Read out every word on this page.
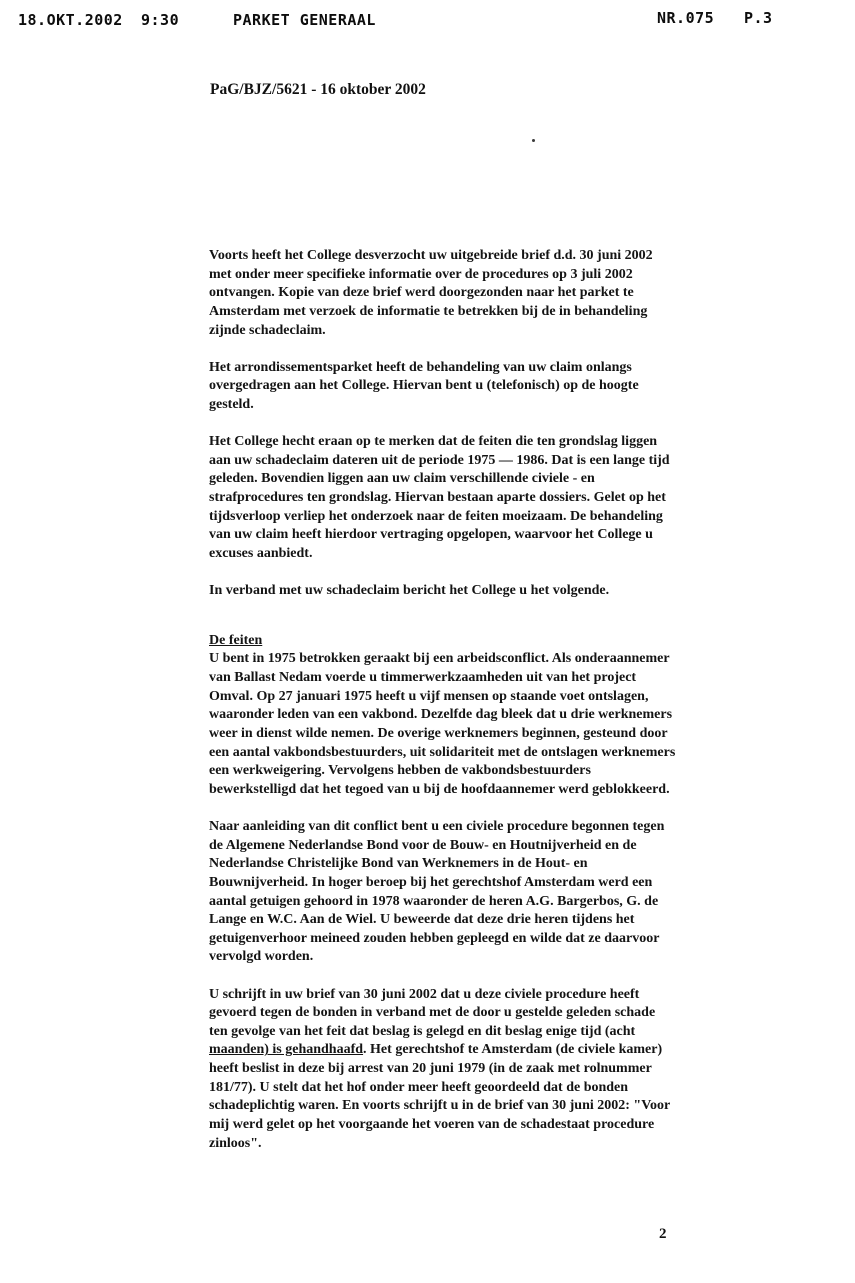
18.OKT.2002 9:30	PARKET GENERAAL	NR.075 P.3
PaG/BJZ/5621 - 16 oktober 2002
Voorts heeft het College desverzocht uw uitgebreide brief d.d. 30 juni 2002
met onder meer specifieke informatie over de procedures op 3 juli 2002
ontvangen. Kopie van deze brief werd doorgezonden naar het parket te
Amsterdam met verzoek de informatie te betrekken bij de in behandeling
zijnde schadeclaim.
Het arrondissementsparket heeft de behandeling van uw claim onlangs
overgedragen aan het College. Hiervan bent u (telefonisch) op de hoogte
gesteld.
Het College hecht eraan op te merken dat de feiten die ten grondslag liggen
aan uw schadeclaim dateren uit de periode 1975 — 1986. Dat is een lange tijd
geleden. Bovendien liggen aan uw claim verschillende civiele - en
strafprocedures ten grondslag. Hiervan bestaan aparte dossiers. Gelet op het
tijdsverloop verliep het onderzoek naar de feiten moeizaam. De behandeling
van uw claim heeft hierdoor vertraging opgelopen, waarvoor het College u
excuses aanbiedt.
In verband met uw schadeclaim bericht het College u het volgende.
De feiten
U bent in 1975 betrokken geraakt bij een arbeidsconflict. Als onderaannemer
van Ballast Nedam voerde u timmerwerkzaamheden uit van het project
Omval. Op 27 januari 1975 heeft u vijf mensen op staande voet ontslagen,
waaronder leden van een vakbond. Dezelfde dag bleek dat u drie werknemers
weer in dienst wilde nemen. De overige werknemers beginnen, gesteund door
een aantal vakbondsbestuurders, uit solidariteit met de ontslagen werknemers
een werkweigering. Vervolgens hebben de vakbondsbestuurders
bewerkstelligd dat het tegoed van u bij de hoofdaannemer werd geblokkeerd.
Naar aanleiding van dit conflict bent u een civiele procedure begonnen tegen
de Algemene Nederlandse Bond voor de Bouw- en Houtnijverheid en de
Nederlandse Christelijke Bond van Werknemers in de Hout- en
Bouwnijverheid. In hoger beroep bij het gerechtshof Amsterdam werd een
aantal getuigen gehoord in 1978 waaronder de heren A.G. Bargerbos, G. de
Lange en W.C. Aan de Wiel. U beweerde dat deze drie heren tijdens het
getuigenverhoor meineed zouden hebben gepleegd en wilde dat ze daarvoor
vervolgd worden.
U schrijft in uw brief van 30 juni 2002 dat u deze civiele procedure heeft
gevoerd tegen de bonden in verband met de door u gestelde geleden schade
ten gevolge van het feit dat beslag is gelegd en dit beslag enige tijd (acht
maanden) is gehandhaafd. Het gerechtshof te Amsterdam (de civiele kamer)
heeft beslist in deze bij arrest van 20 juni 1979 (in de zaak met rolnummer
181/77). U stelt dat het hof onder meer heeft geoordeeld dat de bonden
schadeplichtig waren. En voorts schrijft u in de brief van 30 juni 2002: "Voor
mij werd gelet op het voorgaande het voeren van de schadestaat procedure
zinloos".
2
